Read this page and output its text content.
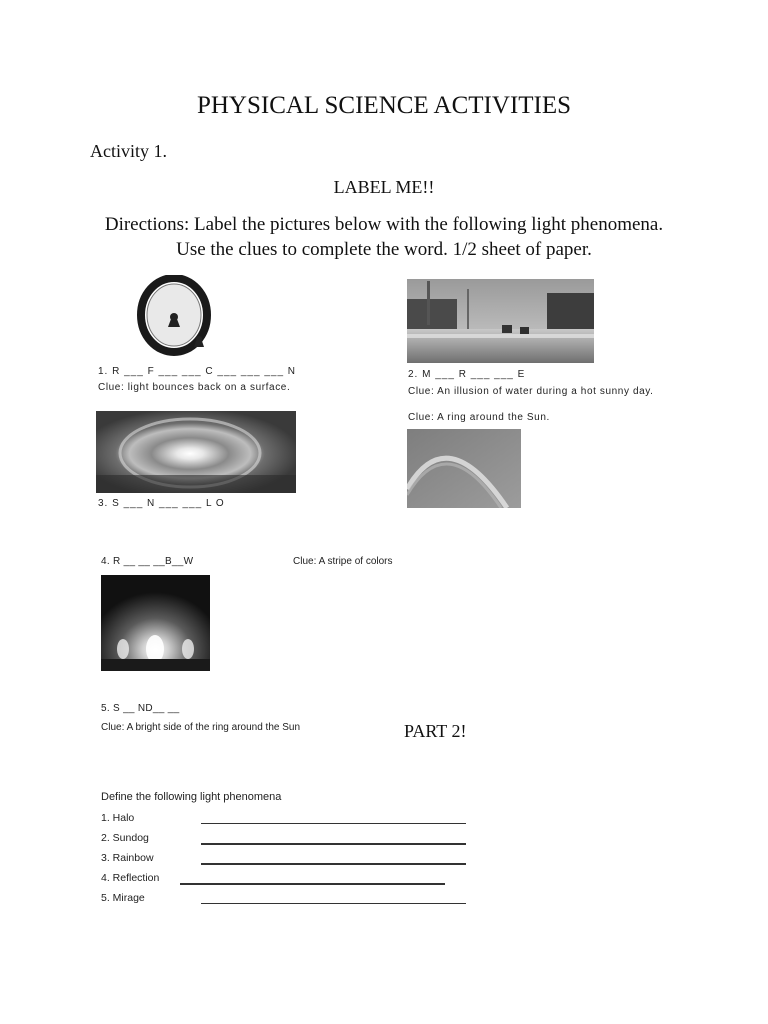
PHYSICAL SCIENCE ACTIVITIES
Activity 1.
LABEL ME!!
Directions: Label the pictures below with the following light phenomena. Use the clues to complete the word. 1/2 sheet of paper.
1. R ___ F ___ ___ C ___ ___ ___ N
Clue: light bounces back on a surface.
2. M ___ R ___ ___ E
Clue: An illusion of water during a hot sunny day.
Clue: A ring around the Sun.
3. S ___ N ___ ___ L O
4. R __ __ __B__W	Clue: A stripe of colors
5. S __ ND__ __
Clue: A bright side of the ring around the Sun	PART 2!
Define the following light phenomena
1. Halo
2. Sundog
3. Rainbow
4. Reflection
5. Mirage
